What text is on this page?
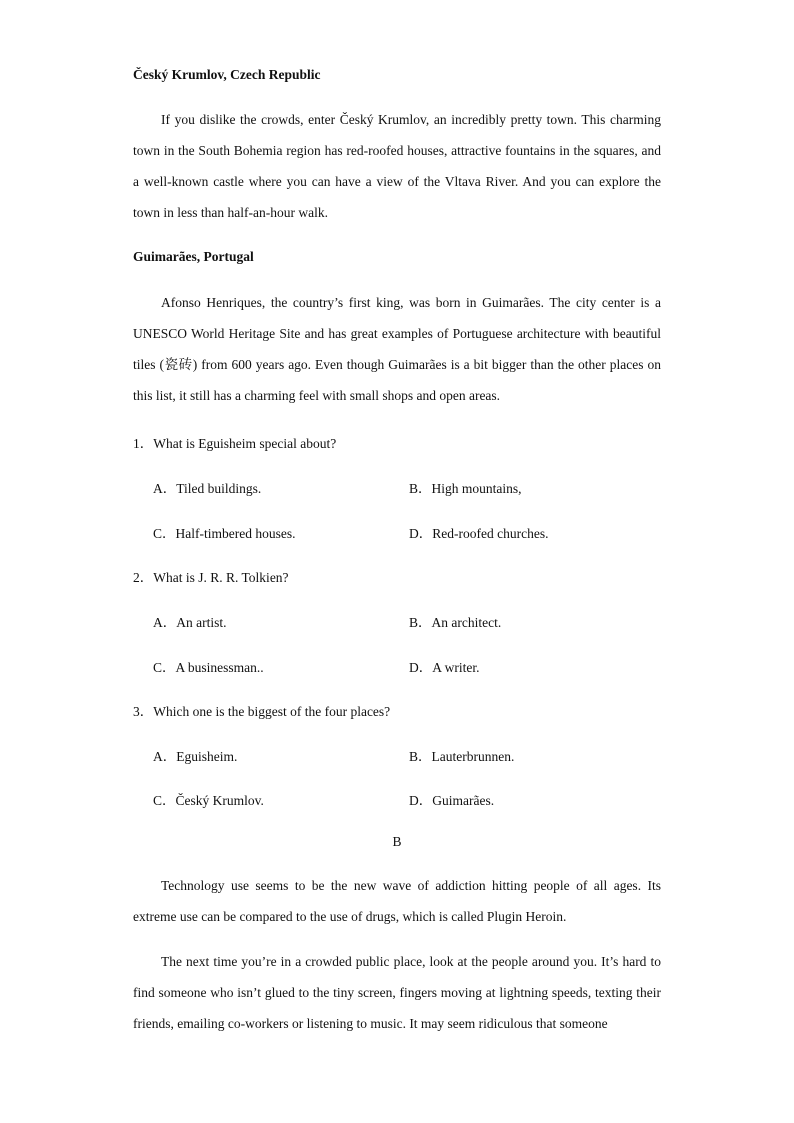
Český Krumlov, Czech Republic

If you dislike the crowds, enter Český Krumlov, an incredibly pretty town. This charming town in the South Bohemia region has red-roofed houses, attractive fountains in the squares, and a well-known castle where you can have a view of the Vltava River. And you can explore the town in less than half-an-hour walk.

Guimarães, Portugal

Afonso Henriques, the country’s first king, was born in Guimarães. The city center is a UNESCO World Heritage Site and has great examples of Portuguese architecture with beautiful tiles (瓷砖) from 600 years ago. Even though Guimarães is a bit bigger than the other places on this list, it still has a charming feel with small shops and open areas.

1．What is Eguisheim special about?
A．Tiled buildings.	B．High mountains,
C．Half-timbered houses.	D．Red-roofed churches.
2．What is J. R. R. Tolkien?
A．An artist.	B．An architect.
C．A businessman..	D．A writer.
3．Which one is the biggest of the four places?
A．Eguisheim.	B．Lauterbrunnen.
C．Český Krumlov.	D．Guimarães.
B

Technology use seems to be the new wave of addiction hitting people of all ages. Its extreme use can be compared to the use of drugs, which is called Plugin Heroin.

The next time you’re in a crowded public place, look at the people around you. It’s hard to find someone who isn’t glued to the tiny screen, fingers moving at lightning speeds, texting their friends, emailing co-workers or listening to music. It may seem ridiculous that someone
